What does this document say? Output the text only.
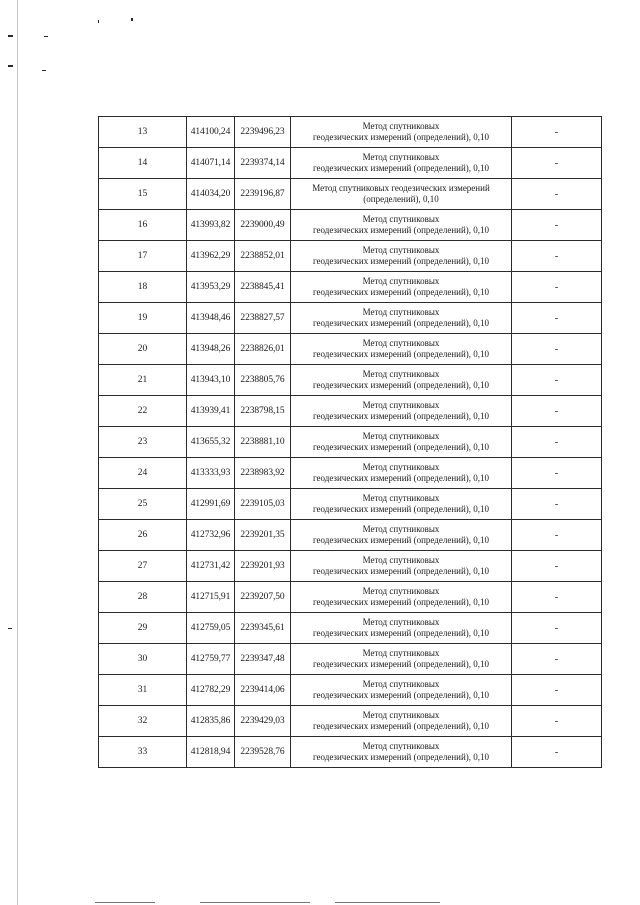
13	414100,24	2239496,23	Метод спутниковых
геодезических измерений (определений), 0,10	-
14	414071,14	2239374,14	Метод спутниковых
геодезических измерений (определений), 0,10	-
15	414034,20	2239196,87	Метод спутниковых геодезических измерений
(определений), 0,10	-
16	413993,82	2239000,49	Метод спутниковых
геодезических измерений (определений), 0,10	-
17	413962,29	2238852,01	Метод спутниковых
геодезических измерений (определений), 0,10	-
18	413953,29	2238845,41	Метод спутниковых
геодезических измерений (определений), 0,10	-
19	413948,46	2238827,57	Метод спутниковых
геодезических измерений (определений), 0,10	-
20	413948,26	2238826,01	Метод спутниковых
геодезических измерений (определений), 0,10	-
21	413943,10	2238805,76	Метод спутниковых
геодезических измерений (определений), 0,10	-
22	413939,41	2238798,15	Метод спутниковых
геодезических измерений (определений), 0,10	-
23	413655,32	2238881,10	Метод спутниковых
геодезических измерений (определений), 0,10	-
24	413333,93	2238983,92	Метод спутниковых
геодезических измерений (определений), 0,10	-
25	412991,69	2239105,03	Метод спутниковых
геодезических измерений (определений), 0,10	-
26	412732,96	2239201,35	Метод спутниковых
геодезических измерений (определений), 0,10	-
27	412731,42	2239201,93	Метод спутниковых
геодезических измерений (определений), 0,10	-
28	412715,91	2239207,50	Метод спутниковых
геодезических измерений (определений), 0,10	-
29	412759,05	2239345,61	Метод спутниковых
геодезических измерений (определений), 0,10	-
30	412759,77	2239347,48	Метод спутниковых
геодезических измерений (определений), 0,10	-
31	412782,29	2239414,06	Метод спутниковых
геодезических измерений (определений), 0,10	-
32	412835,86	2239429,03	Метод спутниковых
геодезических измерений (определений), 0,10	-
33	412818,94	2239528,76	Метод спутниковых
геодезических измерений (определений), 0,10	-
